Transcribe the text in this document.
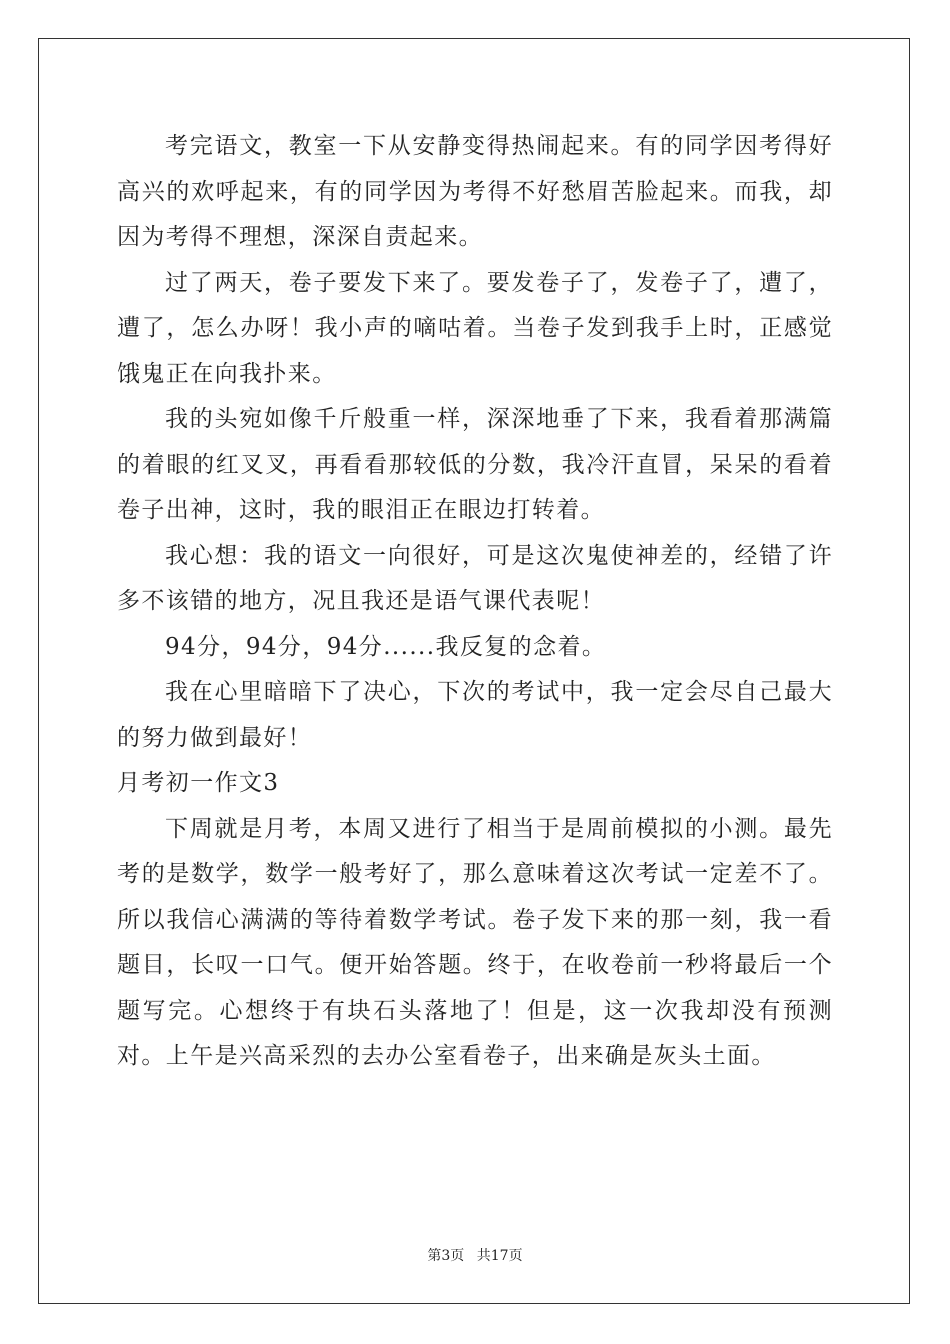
考完语文，教室一下从安静变得热闹起来。有的同学因考得好高兴的欢呼起来，有的同学因为考得不好愁眉苦脸起来。而我，却因为考得不理想，深深自责起来。

过了两天，卷子要发下来了。要发卷子了，发卷子了，遭了，遭了，怎么办呀！我小声的嘀咕着。当卷子发到我手上时，正感觉饿鬼正在向我扑来。

我的头宛如像千斤般重一样，深深地垂了下来，我看着那满篇的着眼的红叉叉，再看看那较低的分数，我冷汗直冒，呆呆的看着卷子出神，这时，我的眼泪正在眼边打转着。

我心想：我的语文一向很好，可是这次鬼使神差的，经错了许多不该错的地方，况且我还是语气课代表呢！

94分，94分，94分......我反复的念着。

我在心里暗暗下了决心，下次的考试中，我一定会尽自己最大的努力做到最好！

月考初一作文3

下周就是月考，本周又进行了相当于是周前模拟的小测。最先考的是数学，数学一般考好了，那么意味着这次考试一定差不了。所以我信心满满的等待着数学考试。卷子发下来的那一刻，我一看题目，长叹一口气。便开始答题。终于，在收卷前一秒将最后一个题写完。心想终于有块石头落地了！但是，这一次我却没有预测对。上午是兴高采烈的去办公室看卷子，出来确是灰头土面。

第3页 共17页
